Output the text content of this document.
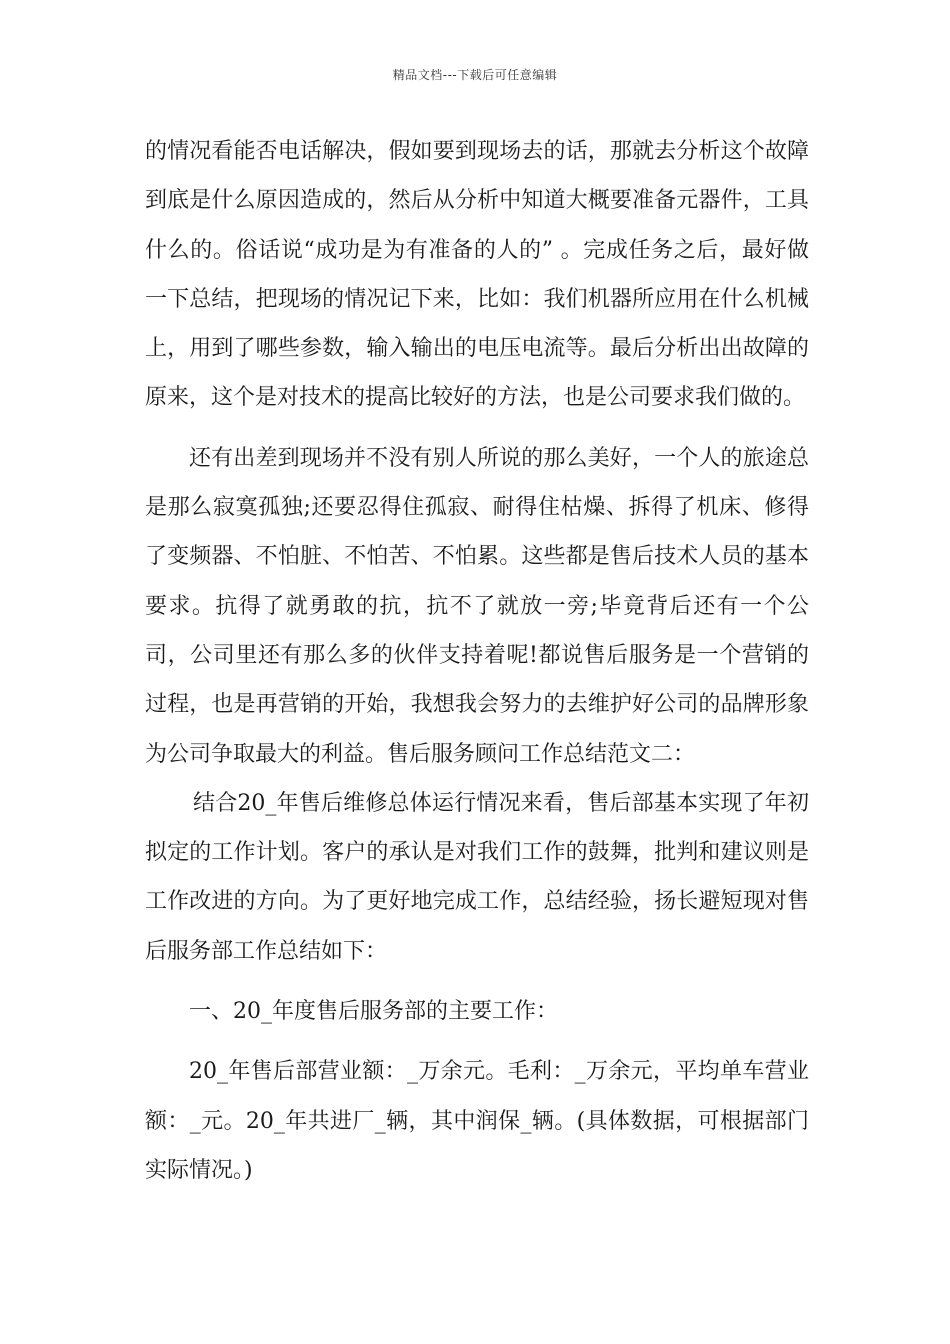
精品文档---下载后可任意编辑

的情况看能否电话解决，假如要到现场去的话，那就去分析这个故障到底是什么原因造成的，然后从分析中知道大概要准备元器件，工具什么的。俗话说“成功是为有准备的人的” 。完成任务之后，最好做一下总结，把现场的情况记下来，比如：我们机器所应用在什么机械上，用到了哪些参数，输入输出的电压电流等。最后分析出出故障的原来，这个是对技术的提高比较好的方法，也是公司要求我们做的。

还有出差到现场并不没有别人所说的那么美好，一个人的旅途总是那么寂寞孤独;还要忍得住孤寂、耐得住枯燥、拆得了机床、修得了变频器、不怕脏、不怕苦、不怕累。这些都是售后技术人员的基本要求。抗得了就勇敢的抗，抗不了就放一旁;毕竟背后还有一个公司，公司里还有那么多的伙伴支持着呢!都说售后服务是一个营销的过程，也是再营销的开始，我想我会努力的去维护好公司的品牌形象为公司争取最大的利益。售后服务顾问工作总结范文二：

结合20_年售后维修总体运行情况来看，售后部基本实现了年初拟定的工作计划。客户的承认是对我们工作的鼓舞，批判和建议则是工作改进的方向。为了更好地完成工作，总结经验，扬长避短现对售后服务部工作总结如下：

一、20_年度售后服务部的主要工作：

20_年售后部营业额：_万余元。毛利：_万余元，平均单车营业额：_元。20_年共进厂_辆，其中润保_辆。(具体数据，可根据部门实际情况。)
